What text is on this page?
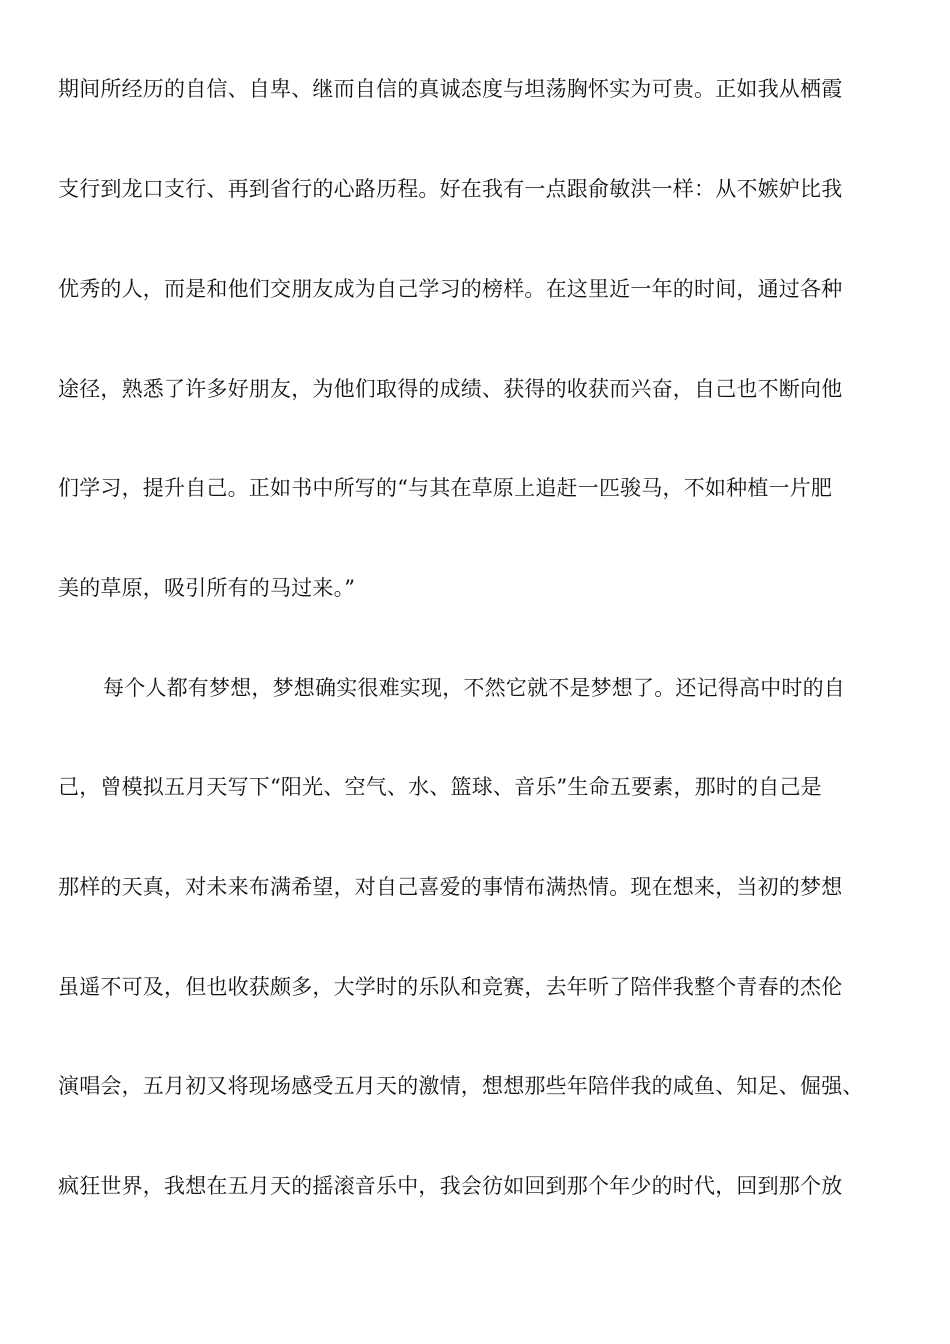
期间所经历的自信、自卑、继而自信的真诚态度与坦荡胸怀实为可贵。正如我从栖霞
支行到龙口支行、再到省行的心路历程。好在我有一点跟俞敏洪一样：从不嫉妒比我
优秀的人，而是和他们交朋友成为自己学习的榜样。在这里近一年的时间，通过各种
途径，熟悉了许多好朋友，为他们取得的成绩、获得的收获而兴奋，自己也不断向他
们学习，提升自己。正如书中所写的“与其在草原上追赶一匹骏马，不如种植一片肥
美的草原，吸引所有的马过来。”
每个人都有梦想，梦想确实很难实现，不然它就不是梦想了。还记得高中时的自
己，曾模拟五月天写下“阳光、空气、水、篮球、音乐”生命五要素，那时的自己是
那样的天真，对未来布满希望，对自己喜爱的事情布满热情。现在想来，当初的梦想
虽遥不可及，但也收获颇多，大学时的乐队和竞赛，去年听了陪伴我整个青春的杰伦
演唱会，五月初又将现场感受五月天的激情，想想那些年陪伴我的咸鱼、知足、倔强、
疯狂世界，我想在五月天的摇滚音乐中，我会彷如回到那个年少的时代，回到那个放
